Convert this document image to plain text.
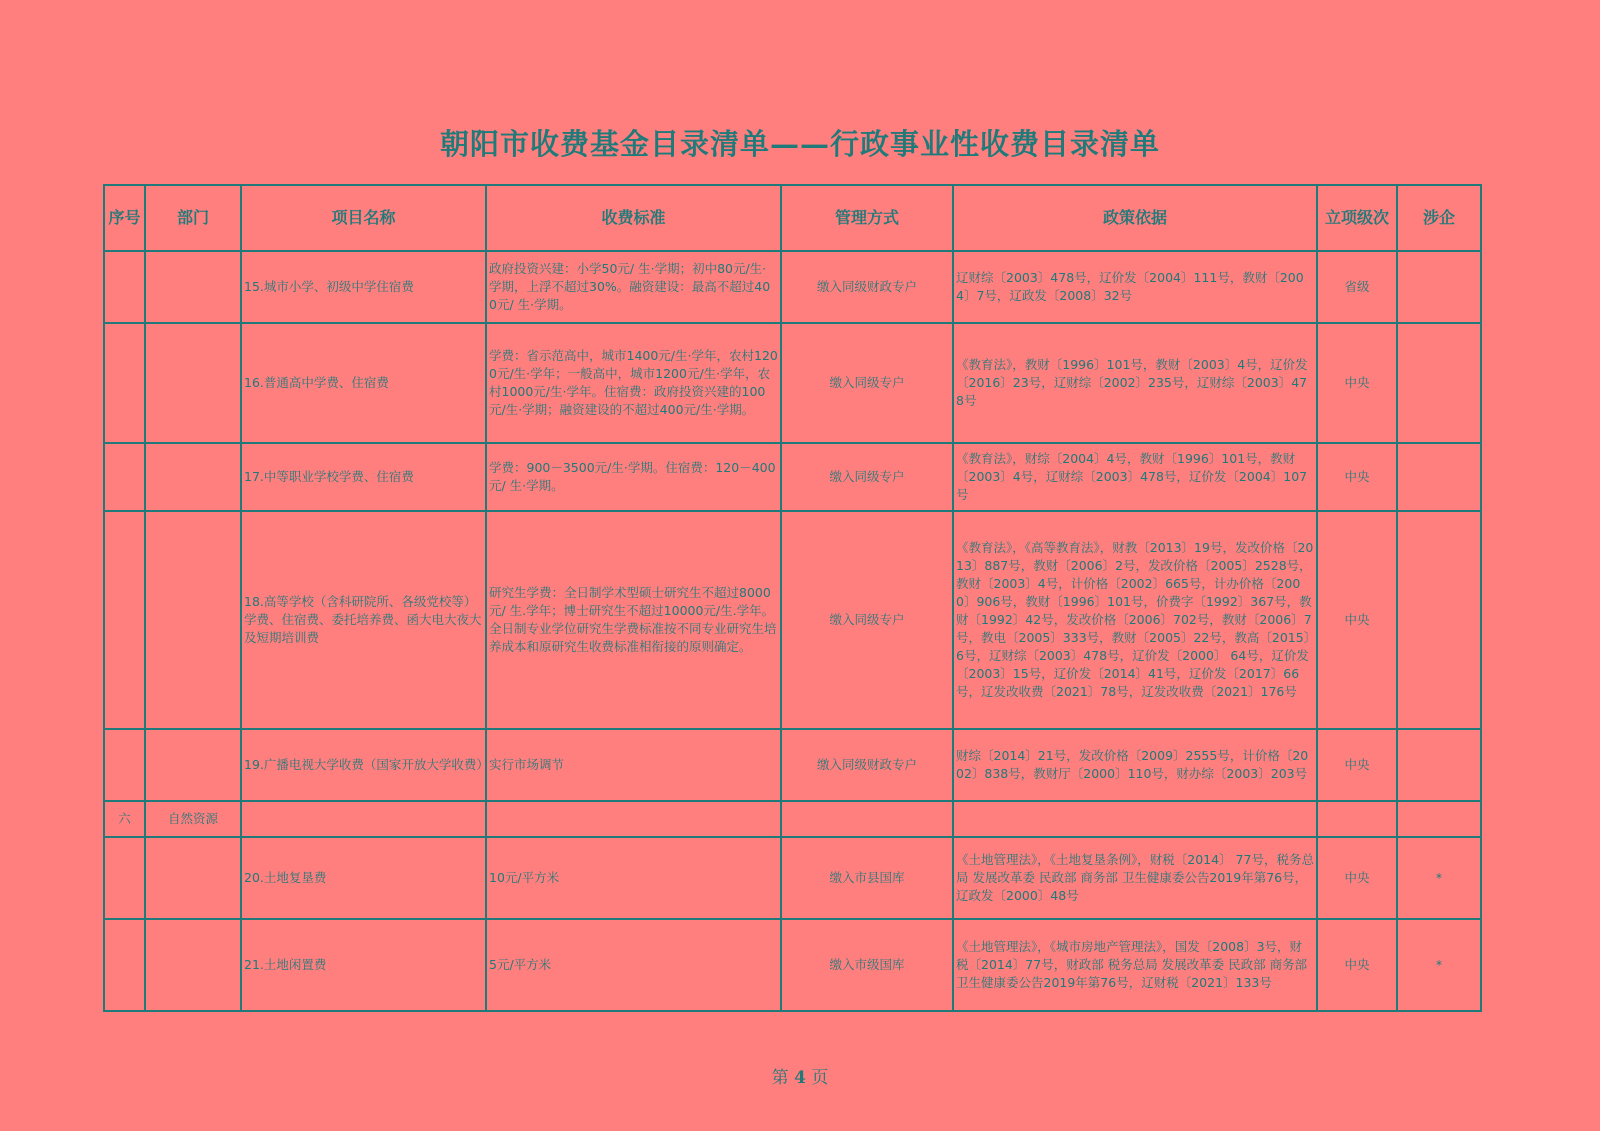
朝阳市收费基金目录清单——行政事业性收费目录清单
序号	部门	项目名称	收费标准	管理方式	政策依据	立项级次	涉企
		15.城市小学、初级中学住宿费	政府投资兴建：小学50元/ 生·学期；初中80元/生· 学期，上浮不超过30%。融资建设：最高不超过400元/ 生·学期。	缴入同级财政专户	辽财综〔2003〕478号，辽价发〔2004〕111号，教财〔2004〕7号，辽政发〔2008〕32号	省级	
		16.普通高中学费、住宿费	学费：省示范高中，城市1400元/生·学年，农村1200元/生·学年；一般高中，城市1200元/生·学年，农村1000元/生·学年。住宿费：政府投资兴建的100元/生·学期；融资建设的不超过400元/生·学期。	缴入同级专户	《教育法》，教财〔1996〕101号，教财〔2003〕4号，辽价发〔2016〕23号，辽财综〔2002〕235号，辽财综〔2003〕478号	中央	
		17.中等职业学校学费、住宿费	学费：900－3500元/生·学期。住宿费：120－400元/ 生·学期。	缴入同级专户	《教育法》，财综〔2004〕4号，教财〔1996〕101号，教财〔2003〕4号，辽财综〔2003〕478号，辽价发〔2004〕107号	中央	
		18.高等学校（含科研院所、各级党校等）学费、住宿费、委托培养费、函大电大夜大及短期培训费	研究生学费：全日制学术型硕士研究生不超过8000元/ 生.学年；博士研究生不超过10000元/生.学年。全日制专业学位研究生学费标准按不同专业研究生培养成本和原研究生收费标准相衔接的原则确定。	缴入同级专户	《教育法》，《高等教育法》，财教〔2013〕19号，发改价格〔2013〕887号，教财〔2006〕2号，发改价格〔2005〕2528号，教财〔2003〕4号，计价格〔2002〕665号，计办价格〔2000〕906号，教财〔1996〕101号，价费字〔1992〕367号，教财〔1992〕42号，发改价格〔2006〕702号，教财〔2006〕7号，教电〔2005〕333号，教财〔2005〕22号，教高〔2015〕6号，辽财综〔2003〕478号，辽价发〔2000〕 64号，辽价发〔2003〕15号，辽价发〔2014〕41号，辽价发〔2017〕66号，辽发改收费〔2021〕78号，辽发改收费〔2021〕176号	中央	
		19.广播电视大学收费（国家开放大学收费）	实行市场调节	缴入同级财政专户	财综〔2014〕21号，发改价格〔2009〕2555号，计价格〔2002〕838号，教财厅〔2000〕110号，财办综〔2003〕203号	中央	
六	自然资源						
		20.土地复垦费	10元/平方米	缴入市县国库	《土地管理法》，《土地复垦条例》，财税〔2014〕 77号，税务总局 发展改革委 民政部 商务部 卫生健康委公告2019年第76号，辽政发〔2000〕48号	中央	*
		21.土地闲置费	5元/平方米	缴入市级国库	《土地管理法》，《城市房地产管理法》，国发〔2008〕3号，财税〔2014〕77号，财政部 税务总局 发展改革委 民政部 商务部 卫生健康委公告2019年第76号，辽财税〔2021〕133号	中央	*
第 4 页
